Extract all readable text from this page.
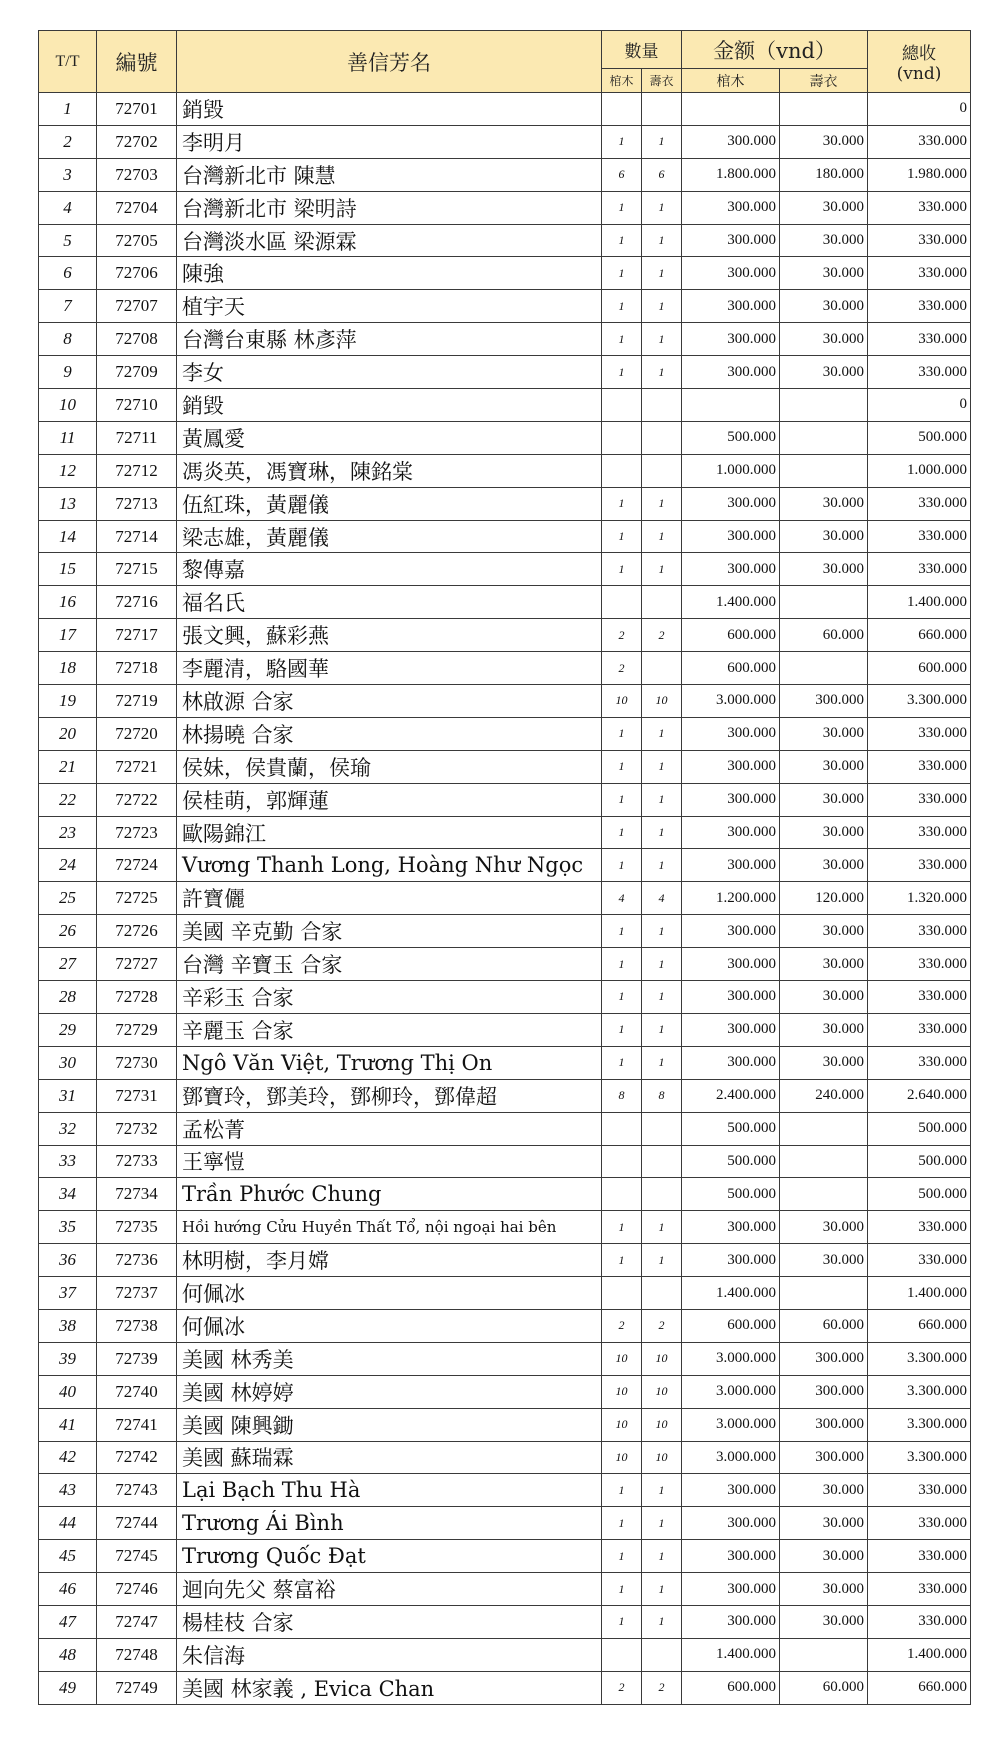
T/T	編號	善信芳名	數量		金额（vnd）		總收
(vnd)

			棺木	壽衣	棺木	壽衣	
1	72701	銷毀					0
2	72702	李明月	1	1	300.000	30.000	330.000
3	72703	台灣新北市 陳慧	6	6	1.800.000	180.000	1.980.000
4	72704	台灣新北市 梁明詩	1	1	300.000	30.000	330.000
5	72705	台灣淡水區 梁源霖	1	1	300.000	30.000	330.000
6	72706	陳強	1	1	300.000	30.000	330.000
7	72707	植宇天	1	1	300.000	30.000	330.000
8	72708	台灣台東縣 林彥萍	1	1	300.000	30.000	330.000
9	72709	李女	1	1	300.000	30.000	330.000
10	72710	銷毀					0
11	72711	黃鳳愛			500.000		500.000
12	72712	馮炎英，馮寶琳，陳銘棠			1.000.000		1.000.000
13	72713	伍紅珠，黃麗儀	1	1	300.000	30.000	330.000
14	72714	梁志雄，黃麗儀	1	1	300.000	30.000	330.000
15	72715	黎傳嘉	1	1	300.000	30.000	330.000
16	72716	福名氏			1.400.000		1.400.000
17	72717	張文興，蘇彩燕	2	2	600.000	60.000	660.000
18	72718	李麗清，駱國華	2		600.000		600.000
19	72719	林啟源 合家	10	10	3.000.000	300.000	3.300.000
20	72720	林揚曉 合家	1	1	300.000	30.000	330.000
21	72721	侯妹，侯貴蘭，侯瑜	1	1	300.000	30.000	330.000
22	72722	侯桂萌，郭輝蓮	1	1	300.000	30.000	330.000
23	72723	歐陽錦江	1	1	300.000	30.000	330.000
24	72724	Vương Thanh Long, Hoàng Như Ngọc	1	1	300.000	30.000	330.000
25	72725	許寶儷	4	4	1.200.000	120.000	1.320.000
26	72726	美國 辛克勤 合家	1	1	300.000	30.000	330.000
27	72727	台灣 辛寶玉 合家	1	1	300.000	30.000	330.000
28	72728	辛彩玉 合家	1	1	300.000	30.000	330.000
29	72729	辛麗玉 合家	1	1	300.000	30.000	330.000
30	72730	Ngô Văn Việt, Trương Thị On	1	1	300.000	30.000	330.000
31	72731	鄧寶玲，鄧美玲，鄧柳玲，鄧偉超	8	8	2.400.000	240.000	2.640.000
32	72732	孟松菁			500.000		500.000
33	72733	王寧愷			500.000		500.000
34	72734	Trần Phước Chung			500.000		500.000
35	72735	Hồi hướng Cửu Huyền Thất Tổ, nội ngoại hai bên	1	1	300.000	30.000	330.000
36	72736	林明樹，李月嫦	1	1	300.000	30.000	330.000
37	72737	何佩冰			1.400.000		1.400.000
38	72738	何佩冰	2	2	600.000	60.000	660.000
39	72739	美國 林秀美	10	10	3.000.000	300.000	3.300.000
40	72740	美國 林婷婷	10	10	3.000.000	300.000	3.300.000
41	72741	美國 陳興鋤	10	10	3.000.000	300.000	3.300.000
42	72742	美國 蘇瑞霖	10	10	3.000.000	300.000	3.300.000
43	72743	Lại Bạch Thu Hà	1	1	300.000	30.000	330.000
44	72744	Trương Ái Bình	1	1	300.000	30.000	330.000
45	72745	Trương Quốc Đạt	1	1	300.000	30.000	330.000
46	72746	迴向先父 蔡富裕	1	1	300.000	30.000	330.000
47	72747	楊桂枝 合家	1	1	300.000	30.000	330.000
48	72748	朱信海			1.400.000		1.400.000
49	72749	美國 林家義 , Evica Chan	2	2	600.000	60.000	660.000
